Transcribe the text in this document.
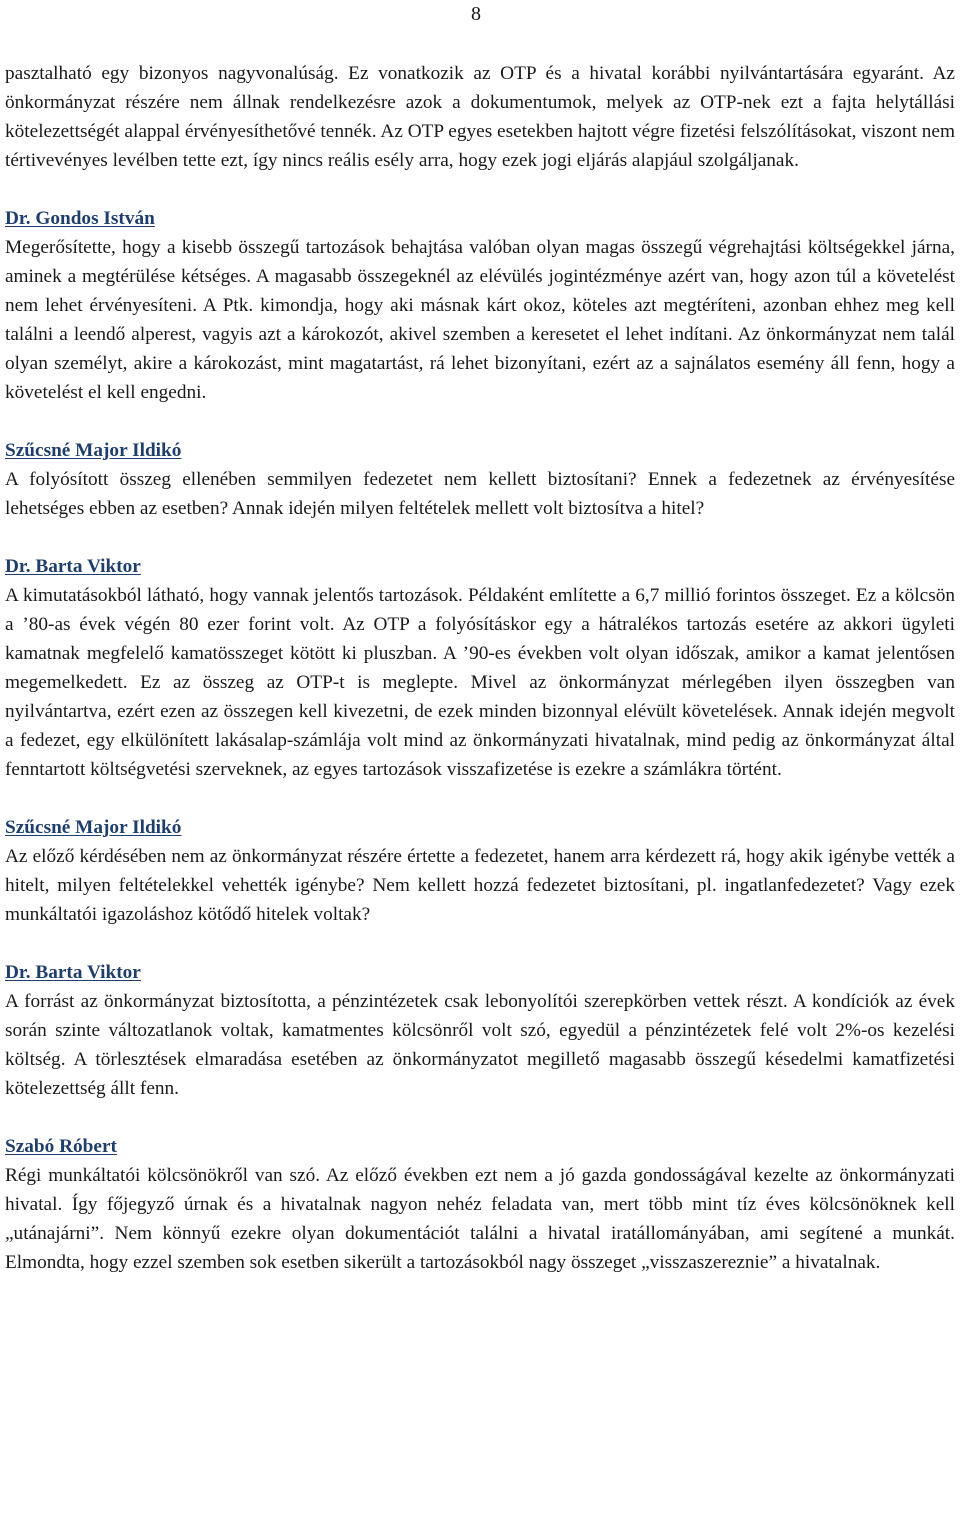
8

pasztalható egy bizonyos nagyvonalúság. Ez vonatkozik az OTP és a hivatal korábbi nyilvántartására egyaránt. Az önkormányzat részére nem állnak rendelkezésre azok a dokumentumok, melyek az OTP-nek ezt a fajta helytállási kötelezettségét alappal érvényesíthetővé tennék. Az OTP egyes esetekben hajtott végre fizetési felszólításokat, viszont nem tértivevényes levélben tette ezt, így nincs reális esély arra, hogy ezek jogi eljárás alapjául szolgáljanak.

Dr. Gondos István

Megerősítette, hogy a kisebb összegű tartozások behajtása valóban olyan magas összegű végrehajtási költségekkel járna, aminek a megtérülése kétséges. A magasabb összegeknél az elévülés jogintézménye azért van, hogy azon túl a követelést nem lehet érvényesíteni. A Ptk. kimondja, hogy aki másnak kárt okoz, köteles azt megtéríteni, azonban ehhez meg kell találni a leendő alperest, vagyis azt a károkozót, akivel szemben a keresetet el lehet indítani. Az önkormányzat nem talál olyan személyt, akire a károkozást, mint magatartást, rá lehet bizonyítani, ezért az a sajnálatos esemény áll fenn, hogy a követelést el kell engedni.

Szűcsné Major Ildikó

A folyósított összeg ellenében semmilyen fedezetet nem kellett biztosítani? Ennek a fedezetnek az érvényesítése lehetséges ebben az esetben? Annak idején milyen feltételek mellett volt biztosítva a hitel?

Dr. Barta Viktor

A kimutatásokból látható, hogy vannak jelentős tartozások. Példaként említette a 6,7 millió forintos összeget. Ez a kölcsön a ’80-as évek végén 80 ezer forint volt. Az OTP a folyósításkor egy a hátralékos tartozás esetére az akkori ügyleti kamatnak megfelelő kamatösszeget kötött ki pluszban. A ’90-es években volt olyan időszak, amikor a kamat jelentősen megemelkedett. Ez az összeg az OTP-t is meglepte. Mivel az önkormányzat mérlegében ilyen összegben van nyilvántartva, ezért ezen az összegen kell kivezetni, de ezek minden bizonnyal elévült követelések. Annak idején megvolt a fedezet, egy elkülönített lakásalap-számlája volt mind az önkormányzati hivatalnak, mind pedig az önkormányzat által fenntartott költségvetési szerveknek, az egyes tartozások visszafizetése is ezekre a számlákra történt.

Szűcsné Major Ildikó

Az előző kérdésében nem az önkormányzat részére értette a fedezetet, hanem arra kérdezett rá, hogy akik igénybe vették a hitelt, milyen feltételekkel vehették igénybe? Nem kellett hozzá fedezetet biztosítani, pl. ingatlanfedezetet? Vagy ezek munkáltatói igazoláshoz kötődő hitelek voltak?

Dr. Barta Viktor

A forrást az önkormányzat biztosította, a pénzintézetek csak lebonyolítói szerepkörben vettek részt. A kondíciók az évek során szinte változatlanok voltak, kamatmentes kölcsönről volt szó, egyedül a pénzintézetek felé volt 2%-os kezelési költség. A törlesztések elmaradása esetében az önkormányzatot megillető magasabb összegű késedelmi kamatfizetési kötelezettség állt fenn.

Szabó Róbert

Régi munkáltatói kölcsönökről van szó. Az előző években ezt nem a jó gazda gondosságával kezelte az önkormányzati hivatal. Így főjegyző úrnak és a hivatalnak nagyon nehéz feladata van, mert több mint tíz éves kölcsönöknek kell „utánajárni”. Nem könnyű ezekre olyan dokumentációt találni a hivatal iratállományában, ami segítené a munkát. Elmondta, hogy ezzel szemben sok esetben sikerült a tartozásokból nagy összeget „visszaszereznie” a hivatalnak.
